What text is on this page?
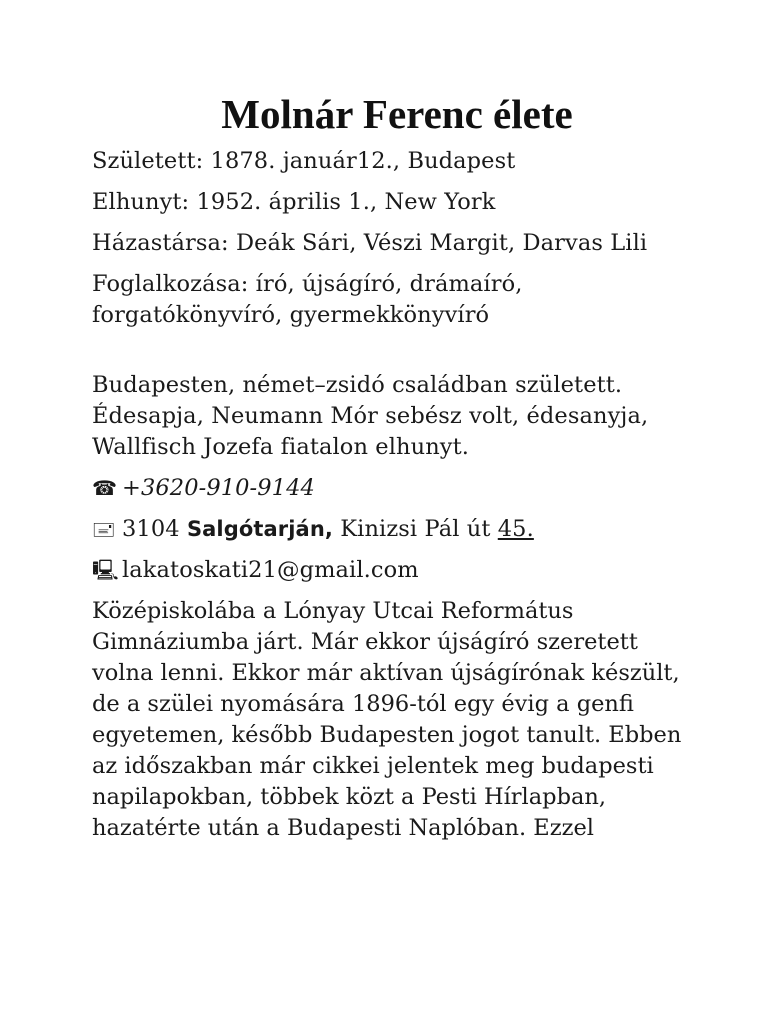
Molnár Ferenc élete

Született: 1878. január12., Budapest

Elhunyt: 1952. április 1., New York

Házastársa: Deák Sári, Vészi Margit, Darvas Lili

Foglalkozása: író, újságíró, drámaíró, forgatókönyvíró, gyermekkönyvíró

Budapesten, német–zsidó családban született. Édesapja, Neumann Mór sebész volt, édesanyja, Wallfisch Jozefa fiatalon elhunyt.

☎ +3620-910-9144

🖃 3104 Salgótarján, Kinizsi Pál út 45.

🖳 lakatoskati21@gmail.com

Középiskolába a Lónyay Utcai Református Gimnáziumba járt. Már ekkor újságíró szeretett volna lenni. Ekkor már aktívan újságírónak készült, de a szülei nyomására 1896-tól egy évig a genfi egyetemen, később Budapesten jogot tanult. Ebben az időszakban már cikkei jelentek meg budapesti napilapokban, többek közt a Pesti Hírlapban, hazatérte után a Budapesti Naplóban. Ezzel
